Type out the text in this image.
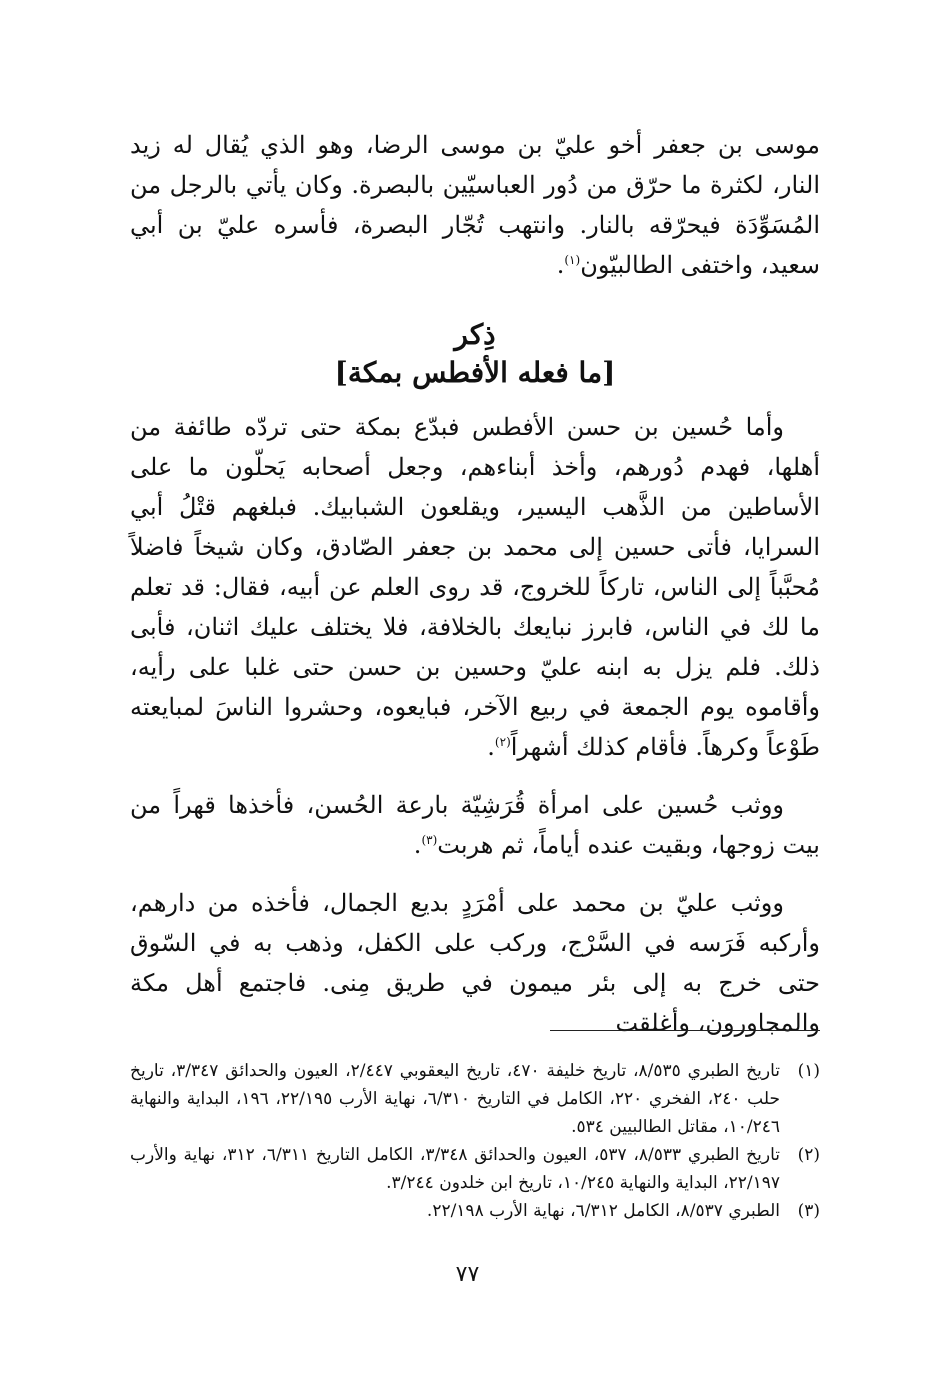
موسى بن جعفر أخو عليّ بن موسى الرضا، وهو الذي يُقال له زيد النار، لكثرة ما حرّق من دُور العباسيّين بالبصرة. وكان يأتي بالرجل من المُسَوِّدَة فيحرّقه بالنار. وانتهب تُجّار البصرة، فأسره عليّ بن أبي سعيد، واختفى الطالبيّون$^{(١)}$.

ذِكر
[ما فعله الأفطس بمكة]

وأما حُسين بن حسن الأفطس فبدّع بمكة حتى تردّه طائفة من أهلها، فهدم دُورهم، وأخذ أبناءهم، وجعل أصحابه يَحلّون ما على الأساطين من الذَّهب اليسير، ويقلعون الشبابيك. فبلغهم قتْلُ أبي السرايا، فأتى حسين إلى محمد بن جعفر الصّادق، وكان شيخاً فاضلاً مُحبَّباً إلى الناس، تاركاً للخروج، قد روى العلم عن أبيه، فقال: قد تعلم ما لك في الناس، فابرز نبايعك بالخلافة، فلا يختلف عليك اثنان، فأبى ذلك. فلم يزل به ابنه عليّ وحسين بن حسن حتى غلبا على رأيه، وأقاموه يوم الجمعة في ربيع الآخر، فبايعوه، وحشروا الناسَ لمبايعته طَوْعاً وكرهاً. فأقام كذلك أشهراً$^{(٢)}$.

ووثب حُسين على امرأة قُرَشِيّة بارعة الحُسن، فأخذها قهراً من بيت زوجها، وبقيت عنده أياماً، ثم هربت$^{(٣)}$.

ووثب عليّ بن محمد على أمْرَدٍ بديع الجمال، فأخذه من دارهم، وأركبه فَرَسه في السَّرْج، وركب على الكفل، وذهب به في السّوق حتى خرج به إلى بئر ميمون في طريق مِنى. فاجتمع أهل مكة والمجاورون، وأغلقت

(١)
تاريخ الطبري ٨/٥٣٥، تاريخ خليفة ٤٧٠، تاريخ اليعقوبي ٢/٤٤٧، العيون والحدائق ٣/٣٤٧، تاريخ حلب ٢٤٠، الفخري ٢٢٠، الكامل في التاريخ ٦/٣١٠، نهاية الأرب ٢٢/١٩٥، ١٩٦، البداية والنهاية ١٠/٢٤٦، مقاتل الطالبيين ٥٣٤.
(٢)
تاريخ الطبري ٨/٥٣٣، ٥٣٧، العيون والحدائق ٣/٣٤٨، الكامل التاريخ ٦/٣١١، ٣١٢، نهاية والأرب ٢٢/١٩٧، البداية والنهاية ١٠/٢٤٥، تاريخ ابن خلدون ٣/٢٤٤.
(٣)
الطبري ٨/٥٣٧، الكامل ٦/٣١٢، نهاية الأرب ٢٢/١٩٨.
٧٧
